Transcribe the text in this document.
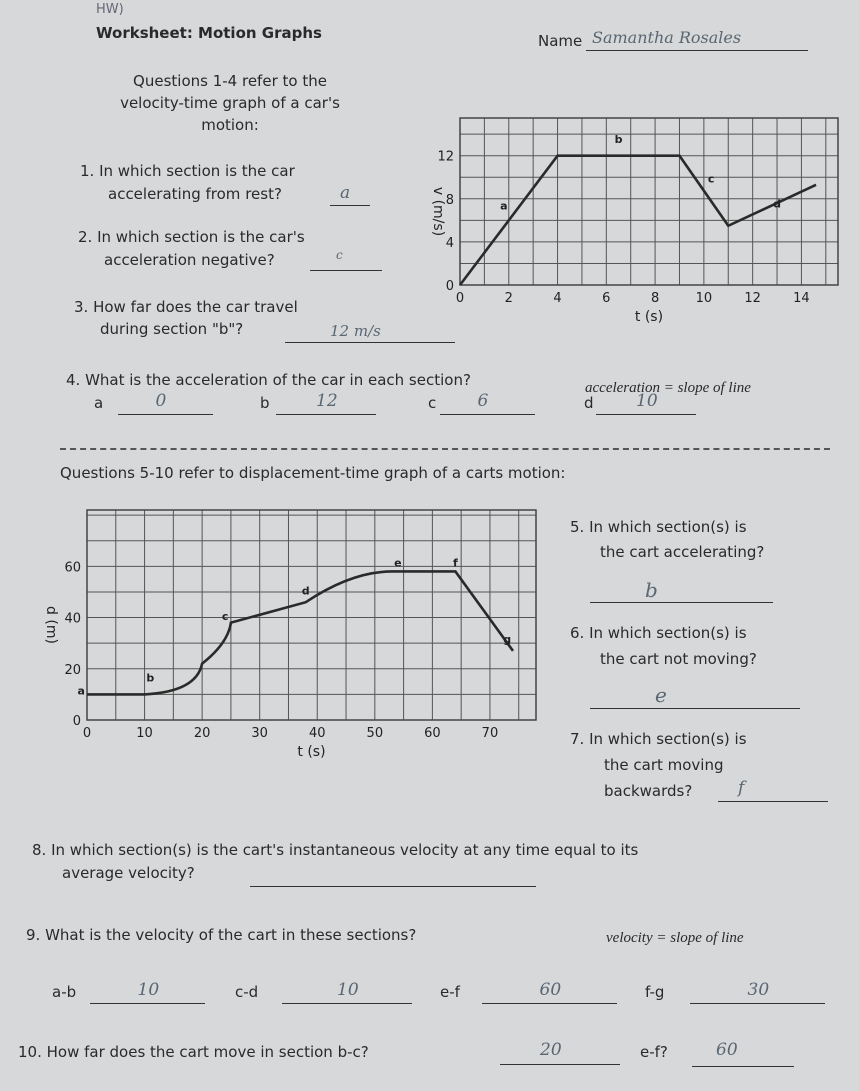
0	2	4	6	8	10 12 14
0
4
8
12
t (s)
v (m/s)	a
b
c
d
0	10	20	30	40	50	60	70
0
20
40
60
t (s)
d (m)
a
b
c
d
e	f
g
HW)
Worksheet: Motion Graphs	Name Samantha Rosales
Questions 1-4 refer to the
velocity-time graph of a car's
motion:
1. In which section is the car
accelerating from rest?	a
2. In which section is the car's
acceleration negative?	c
3. How far does the car travel
during section "b"?	12 m/s
4. What is the acceleration of the car in each section?	acceleration = slope of line
a	0	b	12	c 6	d 10
Questions 5-10 refer to displacement-time graph of a carts motion:
5. In which section(s) is
the cart accelerating?
b
6. In which section(s) is
the cart not moving?
e
7. In which section(s) is
the cart moving
backwards?	f
8. In which section(s) is the cart's instantaneous velocity at any time equal to its
average velocity?
9. What is the velocity of the cart in these sections?	velocity = slope of line
a-b	10	c-d	10	e-f	60	f-g	30
10. How far does the cart move in section b-c?	20	e-f?	60
